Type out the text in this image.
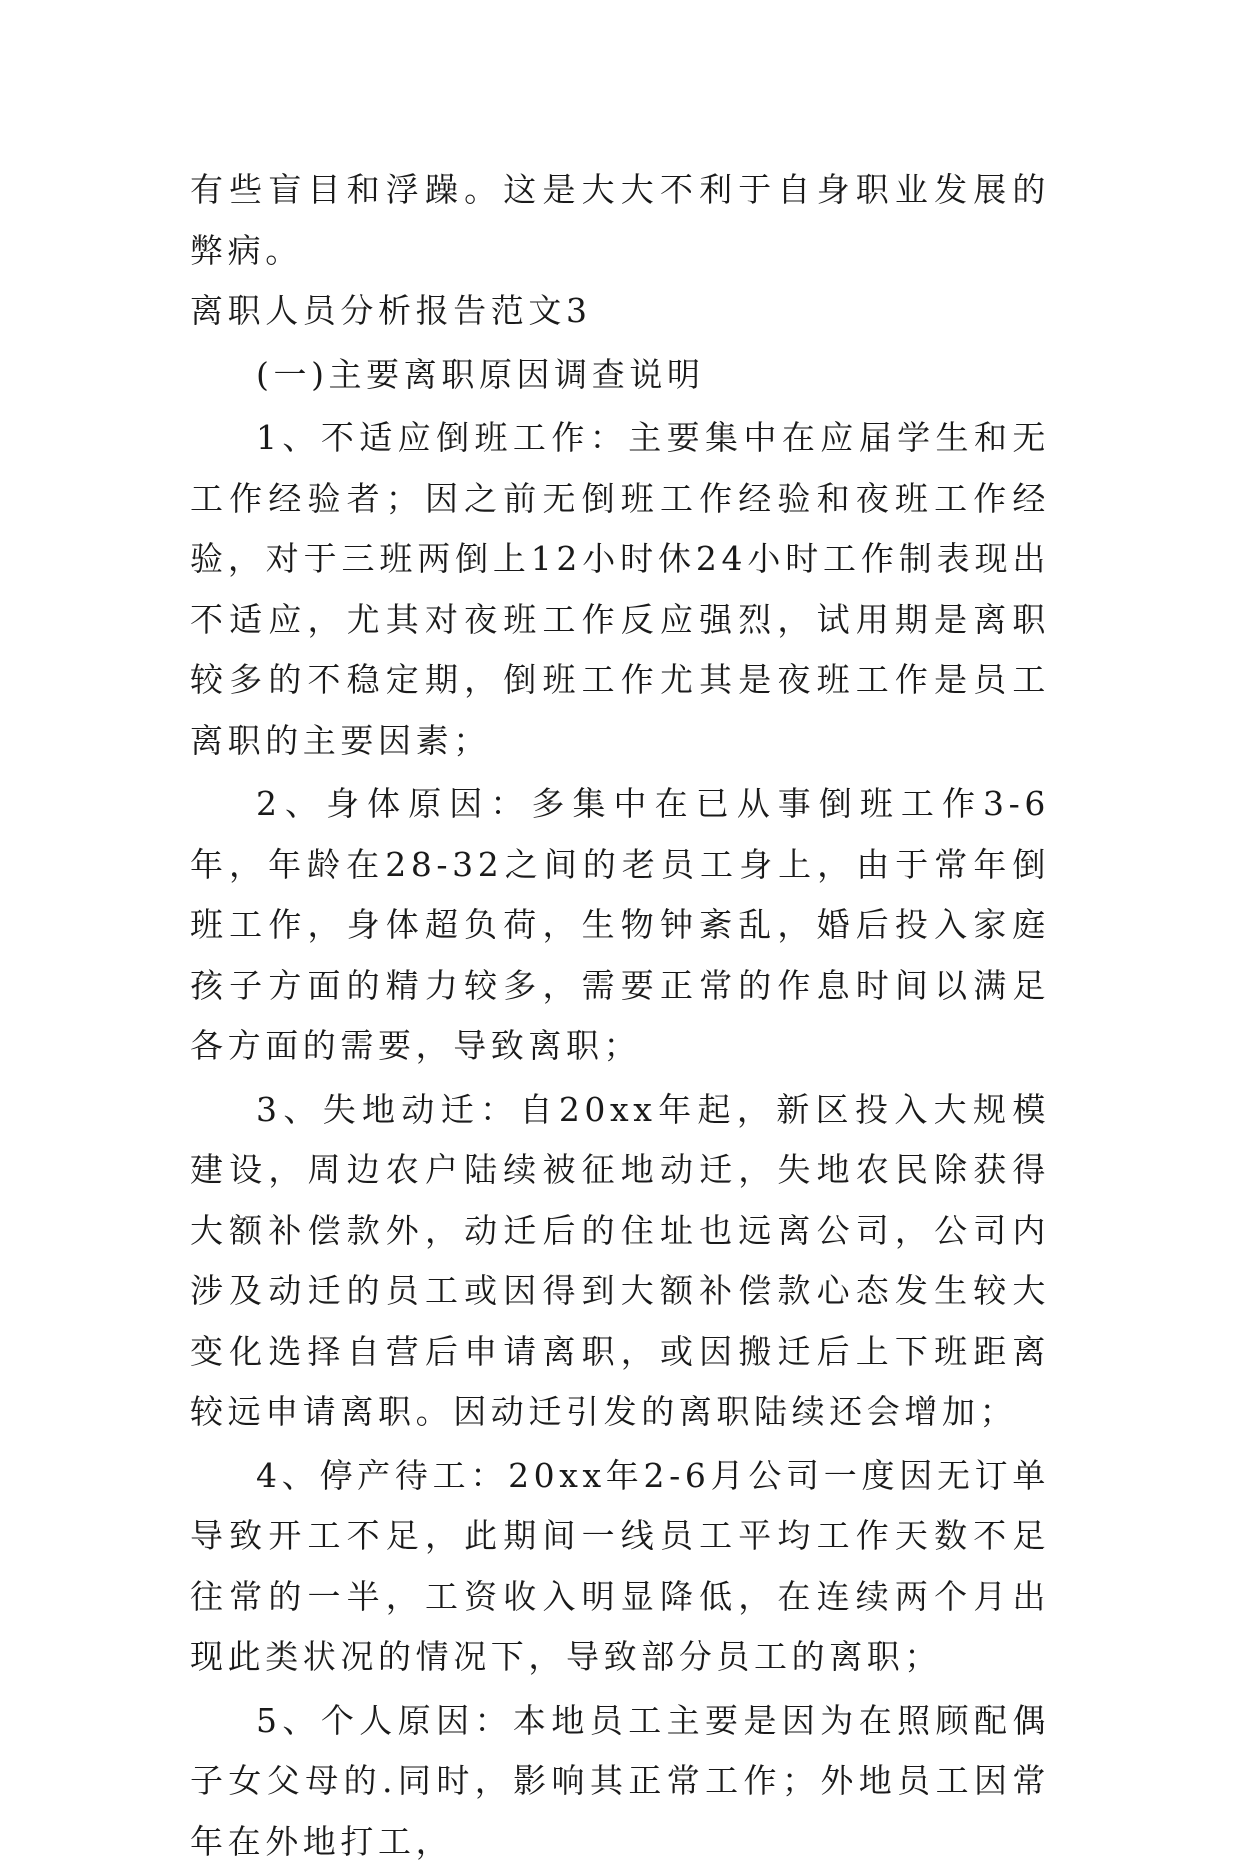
有些盲目和浮躁。这是大大不利于自身职业发展的弊病。

离职人员分析报告范文3

(一)主要离职原因调查说明

1、不适应倒班工作：主要集中在应届学生和无工作经验者；因之前无倒班工作经验和夜班工作经验，对于三班两倒上12小时休24小时工作制表现出不适应，尤其对夜班工作反应强烈，试用期是离职较多的不稳定期，倒班工作尤其是夜班工作是员工离职的主要因素；

2、身体原因：多集中在已从事倒班工作3-6年，年龄在28-32之间的老员工身上，由于常年倒班工作，身体超负荷，生物钟紊乱，婚后投入家庭孩子方面的精力较多，需要正常的作息时间以满足各方面的需要，导致离职；

3、失地动迁：自20xx年起，新区投入大规模建设，周边农户陆续被征地动迁，失地农民除获得大额补偿款外，动迁后的住址也远离公司，公司内涉及动迁的员工或因得到大额补偿款心态发生较大变化选择自营后申请离职，或因搬迁后上下班距离较远申请离职。因动迁引发的离职陆续还会增加；

4、停产待工：20xx年2-6月公司一度因无订单导致开工不足，此期间一线员工平均工作天数不足往常的一半，工资收入明显降低，在连续两个月出现此类状况的情况下，导致部分员工的离职；

5、个人原因：本地员工主要是因为在照顾配偶子女父母的.同时，影响其正常工作；外地员工因常年在外地打工，
